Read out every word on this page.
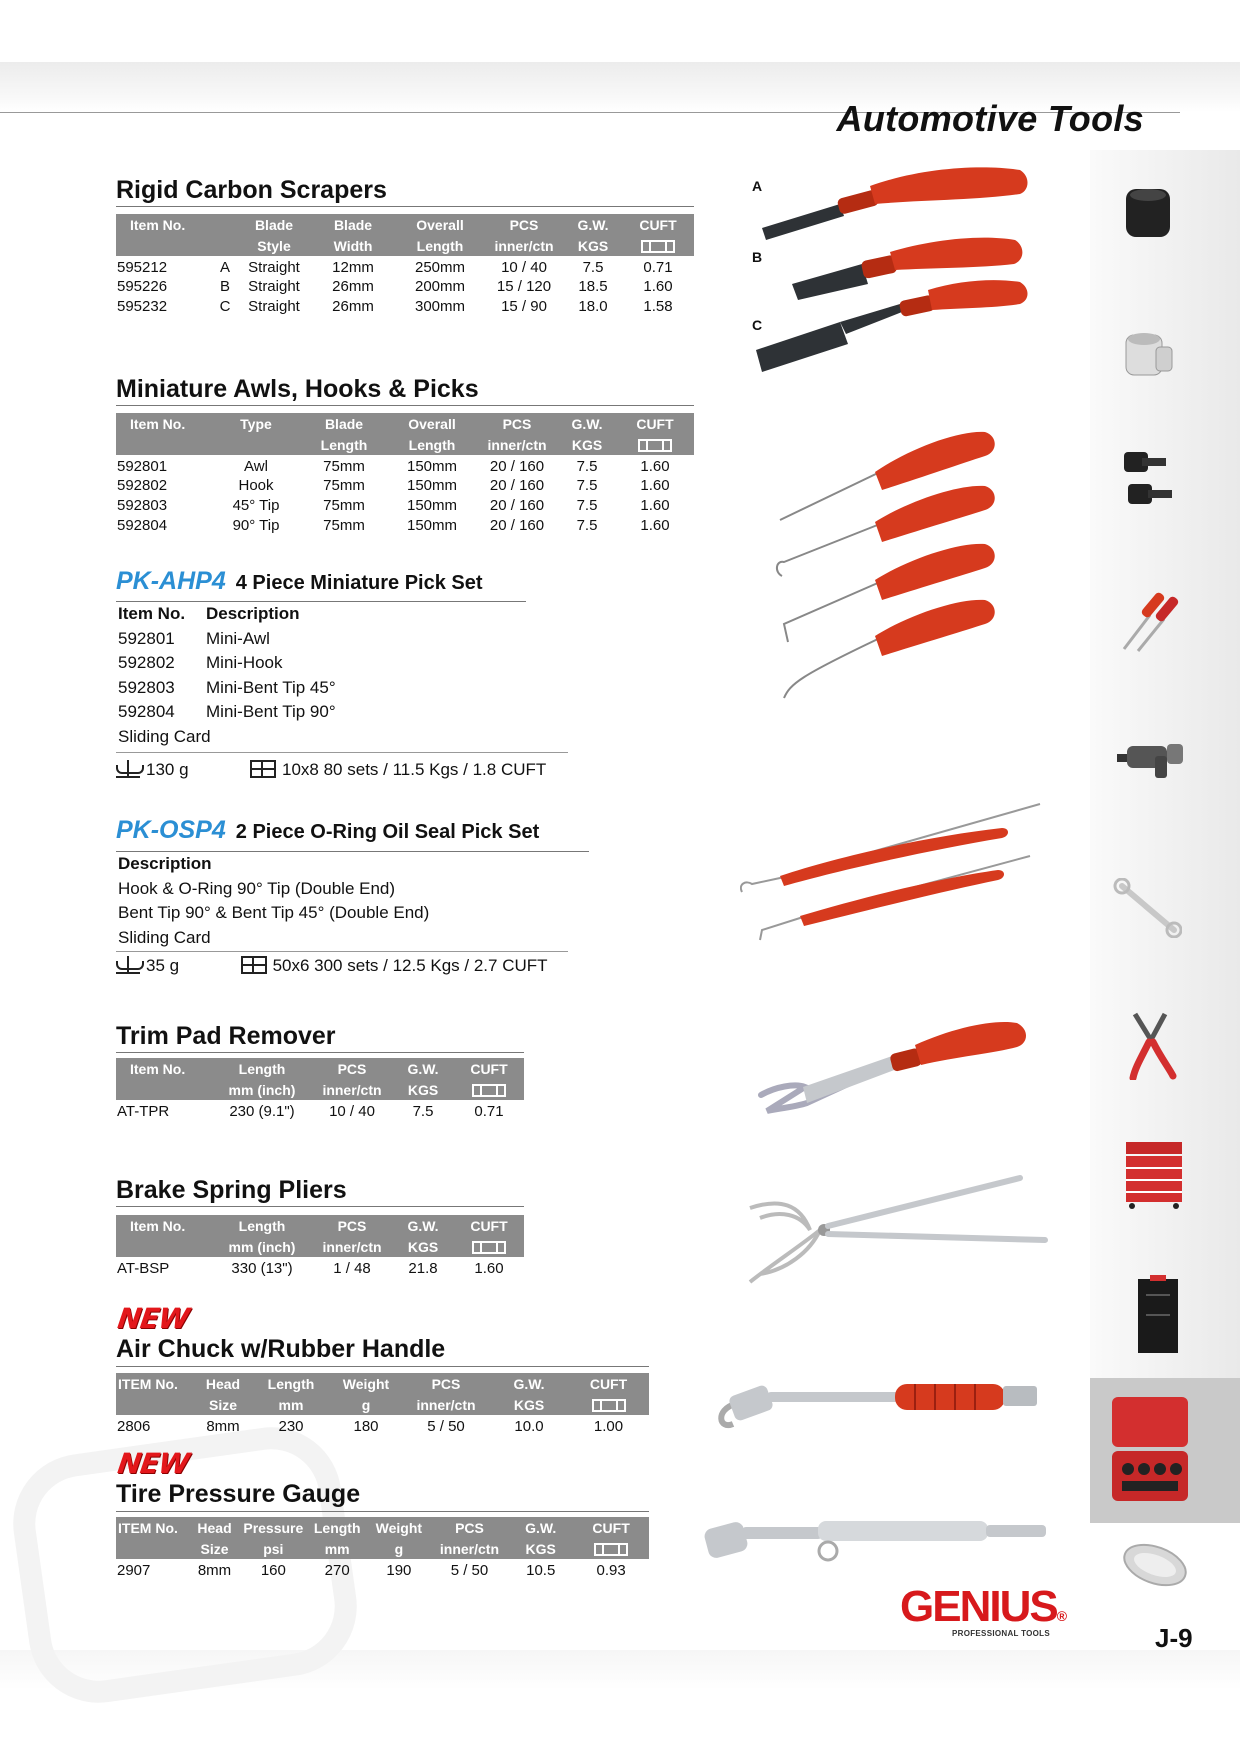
Automotive Tools
Rigid Carbon Scrapers
Item No.		Blade	Blade	Overall	PCS	G.W.	CUFT
		Style	Width	Length	inner/ctn	KGS	
595212	A	Straight	12mm	250mm	10 / 40	7.5	0.71
595226	B	Straight	26mm	200mm	15 / 120	18.5	1.60
595232	C	Straight	26mm	300mm	15 / 90	18.0	1.58
Miniature Awls, Hooks & Picks
Item No.	Type	Blade	Overall	PCS	G.W.	CUFT
		Length	Length	inner/ctn	KGS	
592801	Awl	75mm	150mm	20 / 160	7.5	1.60
592802	Hook	75mm	150mm	20 / 160	7.5	1.60
592803	45° Tip	75mm	150mm	20 / 160	7.5	1.60
592804	90° Tip	75mm	150mm	20 / 160	7.5	1.60
PK-AHP4 4 Piece Miniature Pick Set
Item No. Description
592801 Mini-Awl
592802 Mini-Hook
592803 Mini-Bent Tip 45°
592804 Mini-Bent Tip 90°
Sliding Card
130 g	10x8 80 sets / 11.5 Kgs / 1.8 CUFT
PK-OSP4 2 Piece O-Ring Oil Seal Pick Set
Description
Hook & O-Ring 90° Tip (Double End)
Bent Tip 90° & Bent Tip 45° (Double End)
Sliding Card
35 g	50x6 300 sets / 12.5 Kgs / 2.7 CUFT
Trim Pad Remover
Item No.	Length	PCS	G.W.	CUFT
	mm (inch)	inner/ctn	KGS	
AT-TPR	230 (9.1")	10 / 40	7.5	0.71
Brake Spring Pliers
Item No.	Length	PCS	G.W.	CUFT
	mm (inch)	inner/ctn	KGS	
AT-BSP	330 (13")	1 / 48	21.8	1.60
NEW
Air Chuck w/Rubber Handle
ITEM No.	Head	Length	Weight	PCS	G.W.	CUFT
	Size	mm	g	inner/ctn	KGS	
2806	8mm	230	180	5 / 50	10.0	1.00
NEW
Tire Pressure Gauge
ITEM No.	Head	Pressure	Length	Weight	PCS	G.W.	CUFT
	Size	psi	mm	g	inner/ctn	KGS	
2907	8mm	160	270	190	5 / 50	10.5	0.93
A
B
C
GENIUS®
PROFESSIONAL TOOLS	J-9
